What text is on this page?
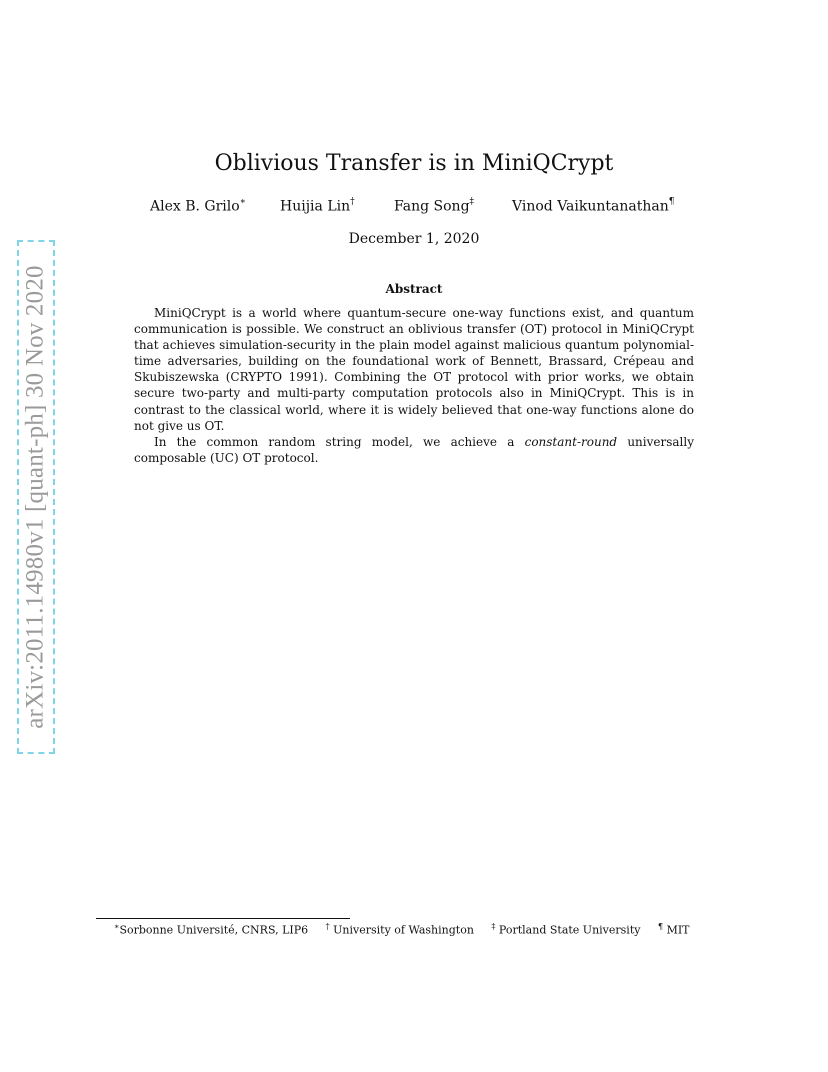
arXiv:2011.14980v1 [quant-ph] 30 Nov 2020
Oblivious Transfer is in MiniQCrypt
Alex B. Grilo∗ Huijia Lin†	Fang Song‡	Vinod Vaikuntanathan¶
December 1, 2020
Abstract

MiniQCrypt is a world where quantum-secure one-way functions exist, and quantum communication is possible. We construct an oblivious transfer (OT) protocol in MiniQCrypt that achieves simulation-security in the plain model against malicious quantum polynomial-time adversaries, building on the foundational work of Bennett, Brassard, Crépeau and Skubiszewska (CRYPTO 1991). Combining the OT protocol with prior works, we obtain secure two-party and multi-party computation protocols also in MiniQCrypt. This is in contrast to the classical world, where it is widely believed that one-way functions alone do not give us OT.

In the common random string model, we achieve a constant-round universally composable (UC) OT protocol.

∗Sorbonne Université, CNRS, LIP6 † University of Washington ‡ Portland State University ¶ MIT
